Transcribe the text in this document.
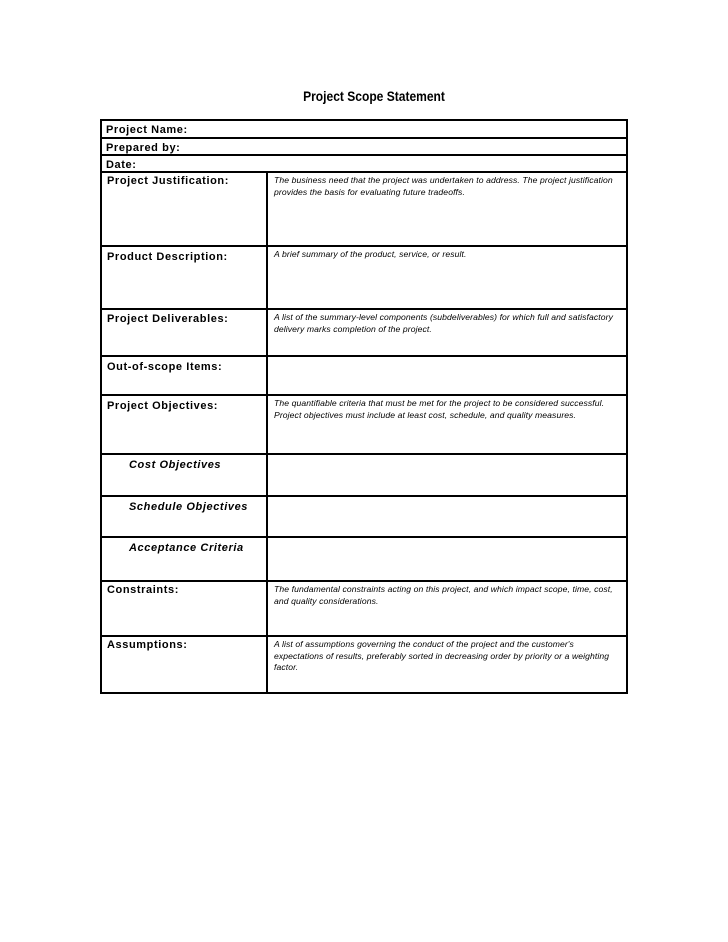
Project Scope Statement
Project Name:
Prepared by:
Date:
Project Justification:	The business need that the project was undertaken to address. The project justification provides the basis for evaluating future tradeoffs.
Product Description:	A brief summary of the product, service, or result.
Project Deliverables:	A list of the summary-level components (subdeliverables) for which full and satisfactory delivery marks completion of the project.
Out-of-scope Items:
Project Objectives:	The quantifiable criteria that must be met for the project to be considered successful. Project objectives must include at least cost, schedule, and quality measures.
Cost Objectives
Schedule Objectives
Acceptance Criteria
Constraints:	The fundamental constraints acting on this project, and which impact scope, time, cost, and quality considerations.
Assumptions:	A list of assumptions governing the conduct of the project and the customer's expectations of results, preferably sorted in decreasing order by priority or a weighting factor.
